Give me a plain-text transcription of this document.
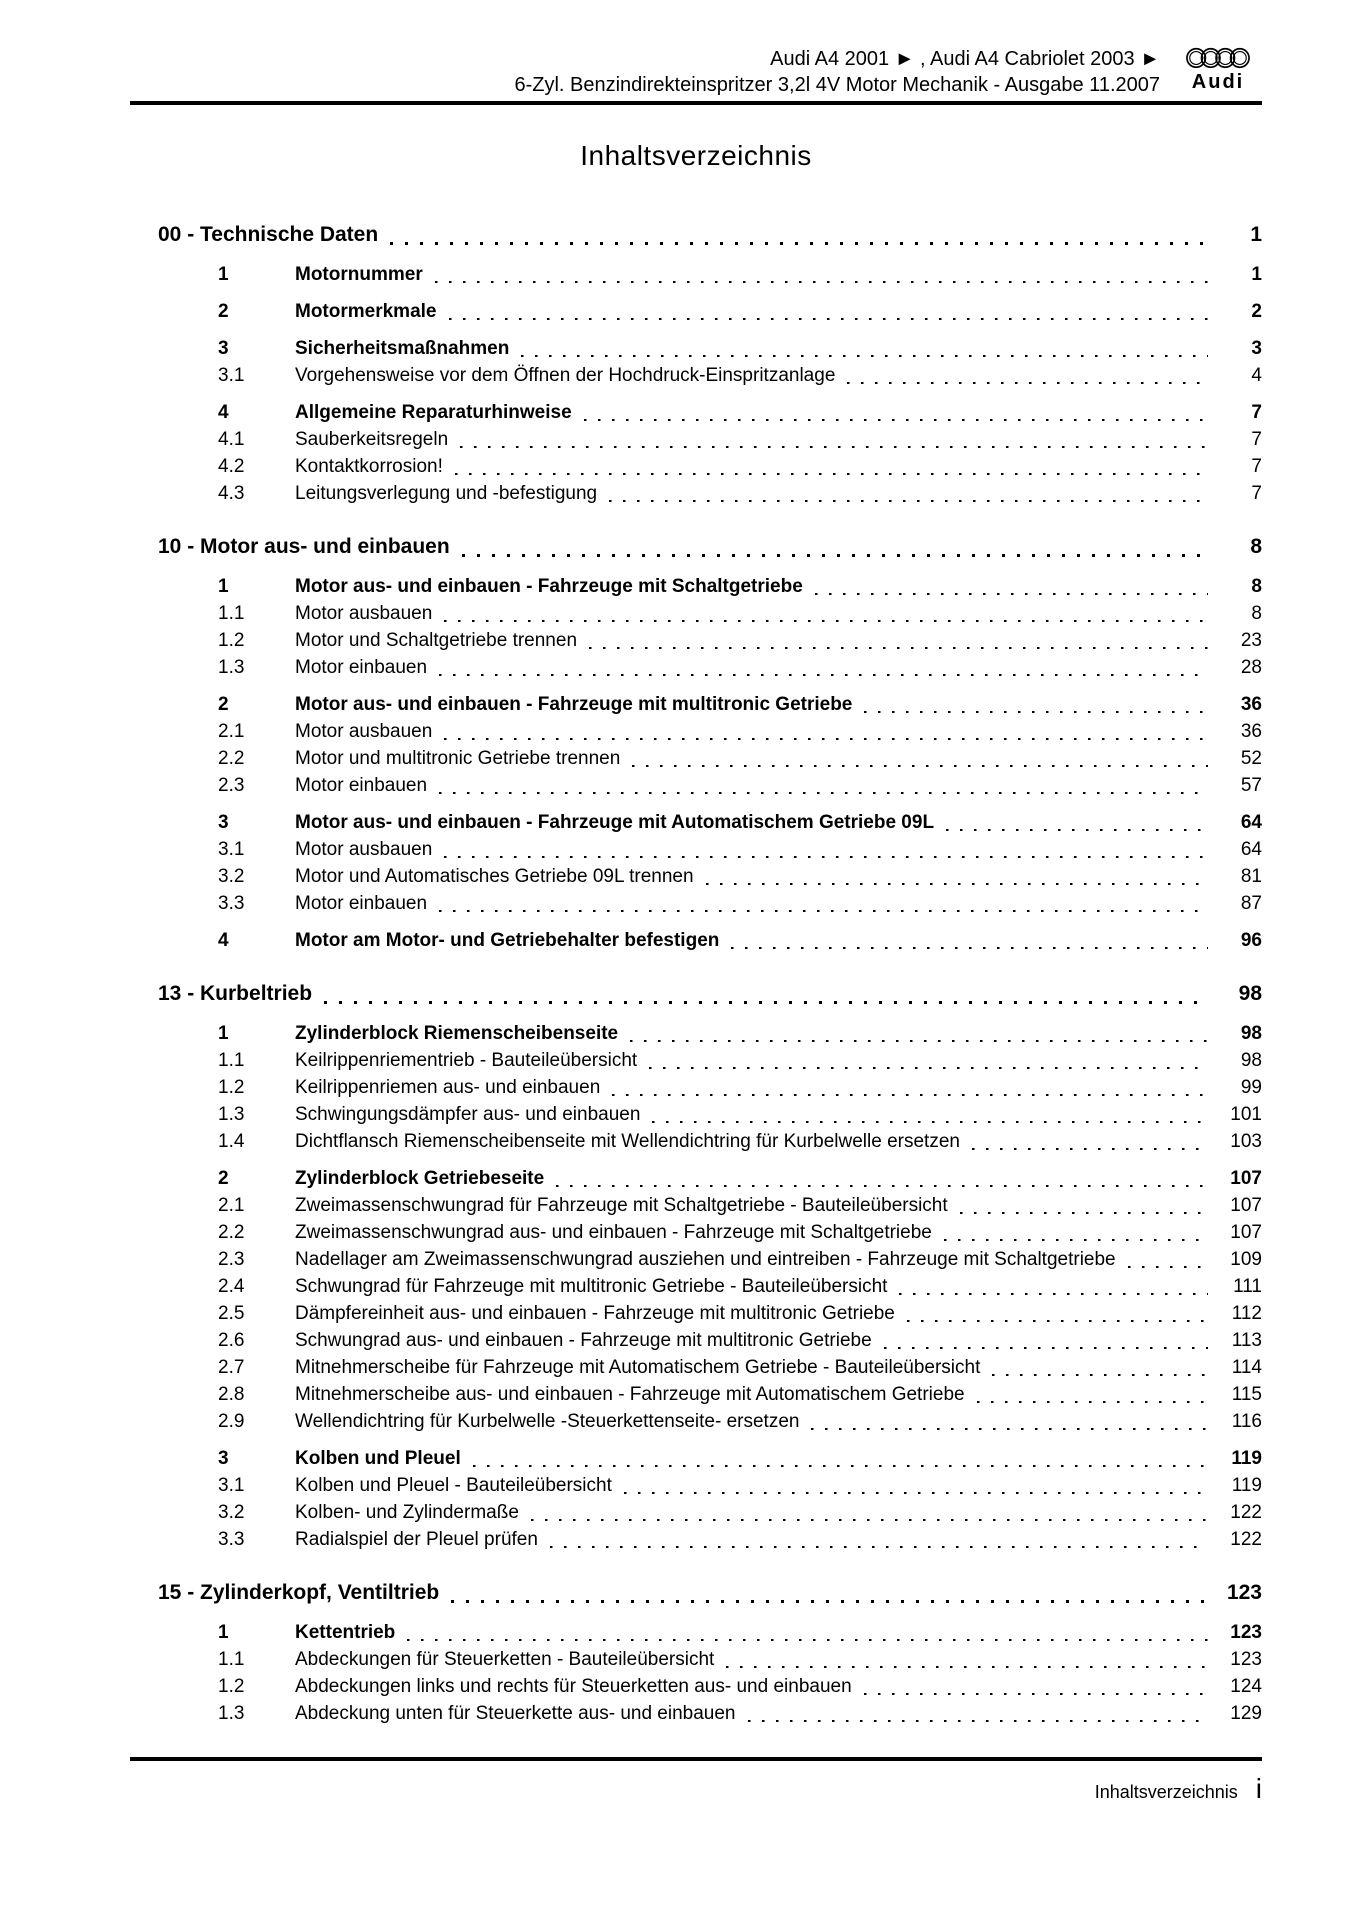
Audi A4 2001 ► , Audi A4 Cabriolet 2003 ►
6-Zyl. Benzindirekteinspritzer 3,2l 4V Motor Mechanik - Ausgabe 11.2007 Audi
Inhaltsverzeichnis
00 - Technische Daten	1
1	Motornummer	1
2	Motormerkmale	2
3	Sicherheitsmaßnahmen	3
3.1	Vorgehensweise vor dem Öffnen der Hochdruck-Einspritzanlage	4
4	Allgemeine Reparaturhinweise	7
4.1	Sauberkeitsregeln	7
4.2	Kontaktkorrosion!	7
4.3	Leitungsverlegung und -befestigung	7
10 - Motor aus- und einbauen	8
1	Motor aus- und einbauen - Fahrzeuge mit Schaltgetriebe	8
1.1	Motor ausbauen	8
1.2	Motor und Schaltgetriebe trennen	23
1.3	Motor einbauen	28
2	Motor aus- und einbauen - Fahrzeuge mit multitronic Getriebe	36
2.1	Motor ausbauen	36
2.2	Motor und multitronic Getriebe trennen	52
2.3	Motor einbauen	57
3	Motor aus- und einbauen - Fahrzeuge mit Automatischem Getriebe 09L	64
3.1	Motor ausbauen	64
3.2	Motor und Automatisches Getriebe 09L trennen	81
3.3	Motor einbauen	87
4	Motor am Motor- und Getriebehalter befestigen	96
13 - Kurbeltrieb	98
1	Zylinderblock Riemenscheibenseite	98
1.1	Keilrippenriementrieb - Bauteileübersicht	98
1.2	Keilrippenriemen aus- und einbauen	99
1.3	Schwingungsdämpfer aus- und einbauen	101
1.4	Dichtflansch Riemenscheibenseite mit Wellendichtring für Kurbelwelle ersetzen	103
2	Zylinderblock Getriebeseite	107
2.1	Zweimassenschwungrad für Fahrzeuge mit Schaltgetriebe - Bauteileübersicht	107
2.2	Zweimassenschwungrad aus- und einbauen - Fahrzeuge mit Schaltgetriebe	107
2.3	Nadellager am Zweimassenschwungrad ausziehen und eintreiben - Fahrzeuge mit Schaltgetriebe	109
2.4	Schwungrad für Fahrzeuge mit multitronic Getriebe - Bauteileübersicht	111
2.5	Dämpfereinheit aus- und einbauen - Fahrzeuge mit multitronic Getriebe	112
2.6	Schwungrad aus- und einbauen - Fahrzeuge mit multitronic Getriebe	113
2.7	Mitnehmerscheibe für Fahrzeuge mit Automatischem Getriebe - Bauteileübersicht	114
2.8	Mitnehmerscheibe aus- und einbauen - Fahrzeuge mit Automatischem Getriebe	115
2.9	Wellendichtring für Kurbelwelle -Steuerkettenseite- ersetzen	116
3	Kolben und Pleuel	119
3.1	Kolben und Pleuel - Bauteileübersicht	119
3.2	Kolben- und Zylindermaße	122
3.3	Radialspiel der Pleuel prüfen	122
15 - Zylinderkopf, Ventiltrieb	123
1	Kettentrieb	123
1.1	Abdeckungen für Steuerketten - Bauteileübersicht	123
1.2	Abdeckungen links und rechts für Steuerketten aus- und einbauen	124
1.3	Abdeckung unten für Steuerkette aus- und einbauen	129
Inhaltsverzeichnis i
